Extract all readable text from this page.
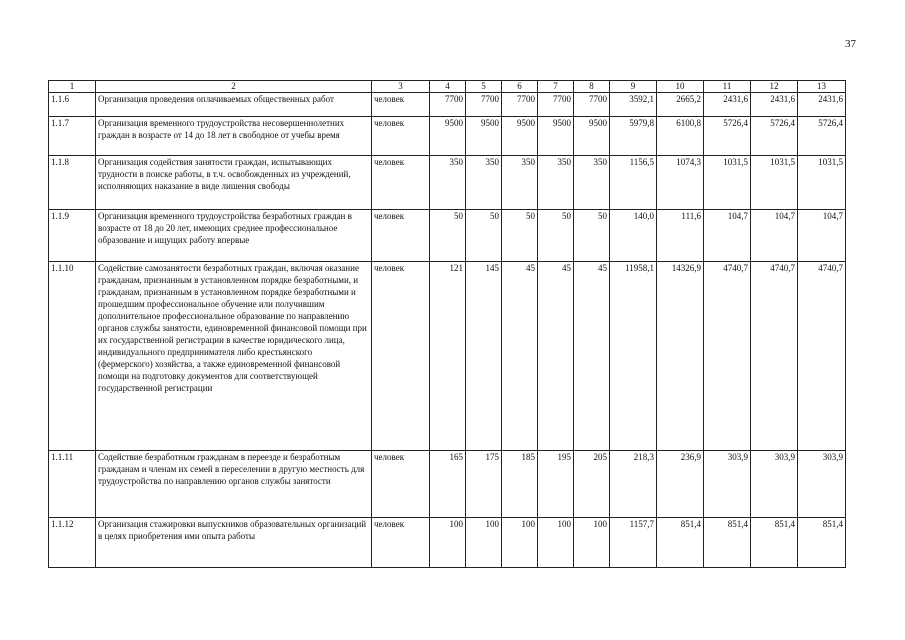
37
1	2	3	4	5	6	7	8	9	10	11	12	13
1.1.6	Организация проведения оплачиваемых общественных работ	человек	7700	7700	7700	7700	7700	3592,1	2665,2	2431,6	2431,6	2431,6
1.1.7	Организация временного трудоустройства несовершеннолетних граждан в возрасте от 14 до 18 лет в свободное от учебы время	человек	9500	9500	9500	9500	9500	5979,8	6100,8	5726,4	5726,4	5726,4
1.1.8	Организация содействия занятости граждан, испытывающих трудности в поиске работы, в т.ч. освобожденных из учреждений, исполняющих наказание в виде лишения свободы	человек	350	350	350	350	350	1156,5	1074,3	1031,5	1031,5	1031,5
1.1.9	Организация временного трудоустройства безработных граждан в возрасте от 18 до 20 лет, имеющих среднее профессиональное образование и ищущих работу впервые	человек	50	50	50	50	50	140,0	111,6	104,7	104,7	104,7
1.1.10	Содействие самозанятости безработных граждан, включая оказание гражданам, признанным в установленном порядке безработными, и гражданам, признанным в установленном порядке безработными и прошедшим профессиональное обучение или получившим дополнительное профессиональное образование по направлению органов службы занятости, единовременной финансовой помощи при их государственной регистрации в качестве юридического лица, индивидуального предпринимателя либо крестьянского (фермерского) хозяйства, а также единовременной финансовой помощи на подготовку документов для соответствующей государственной регистрации	человек	121	145	45	45	45	11958,1	14326,9	4740,7	4740,7	4740,7
1.1.11	Содействие безработным гражданам в переезде и безработным гражданам и членам их семей в переселении в другую местность для трудоустройства по направлению органов службы занятости	человек	165	175	185	195	205	218,3	236,9	303,9	303,9	303,9
1.1.12	Организация стажировки выпускников образовательных организаций в целях приобретения ими опыта работы	чeловек	100	100	100	100	100	1157,7	851,4	851,4	851,4	851,4
